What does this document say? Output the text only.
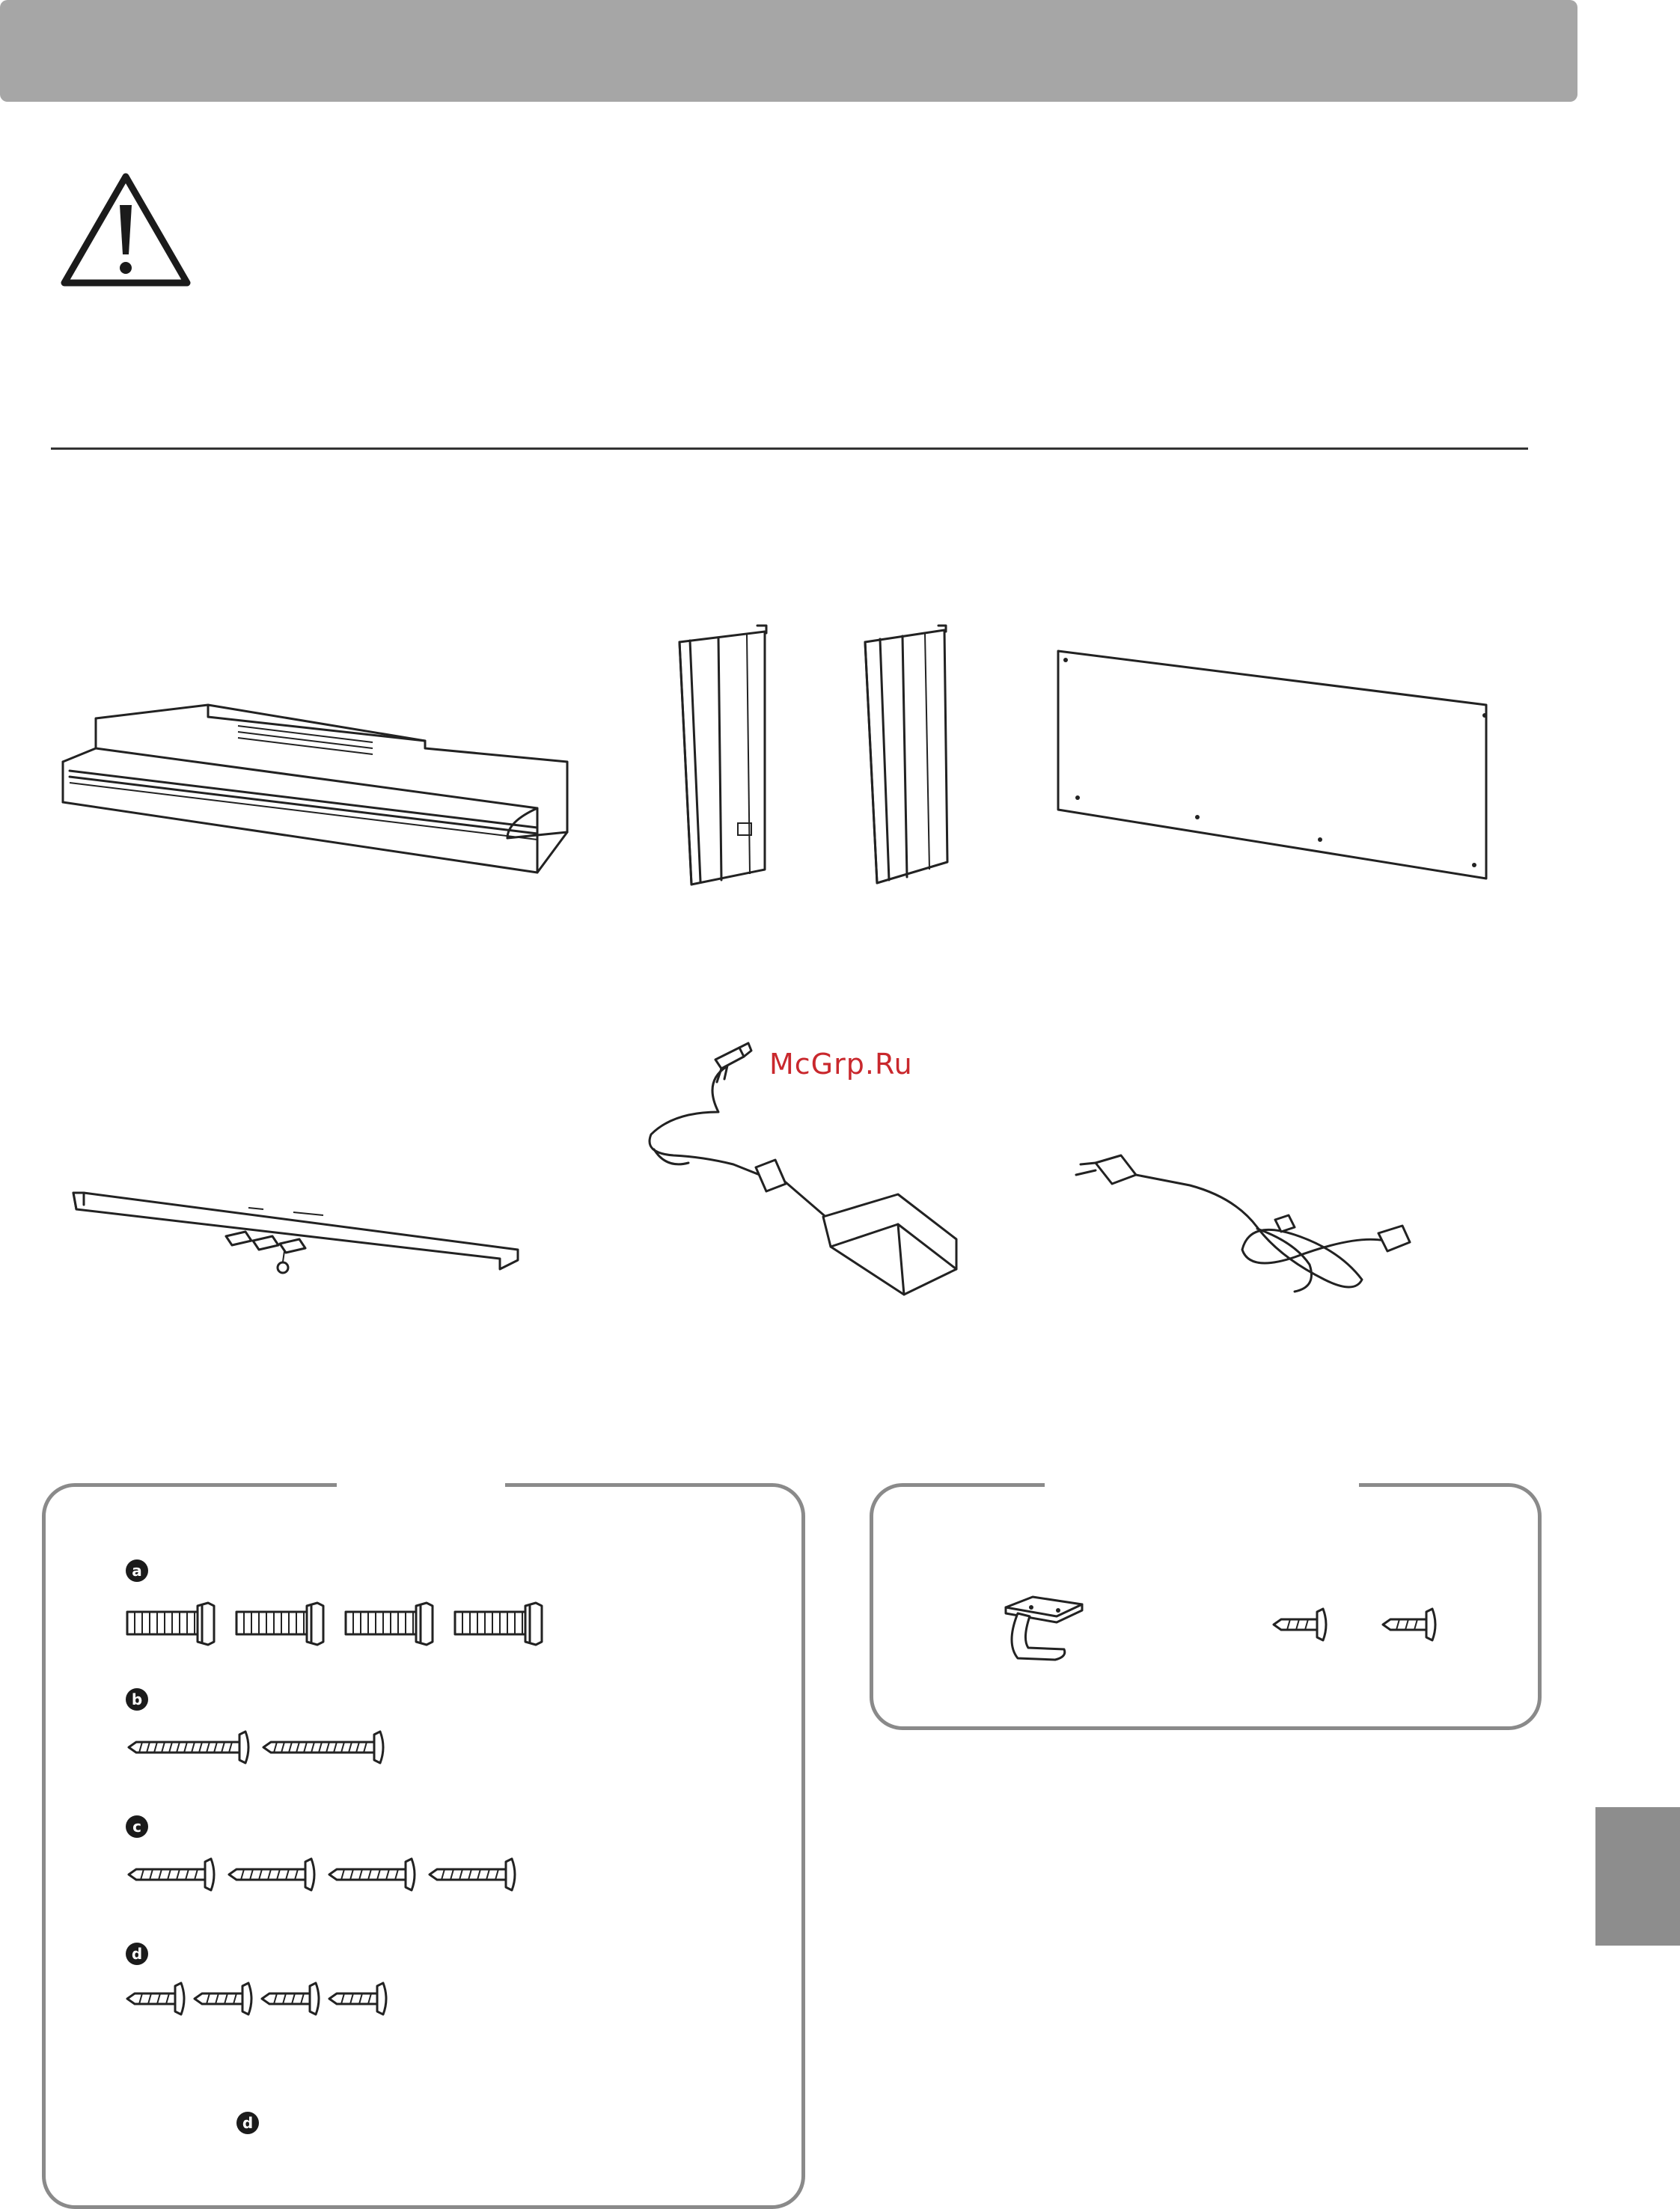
McGrp.Ru
a
b
c
d
d
